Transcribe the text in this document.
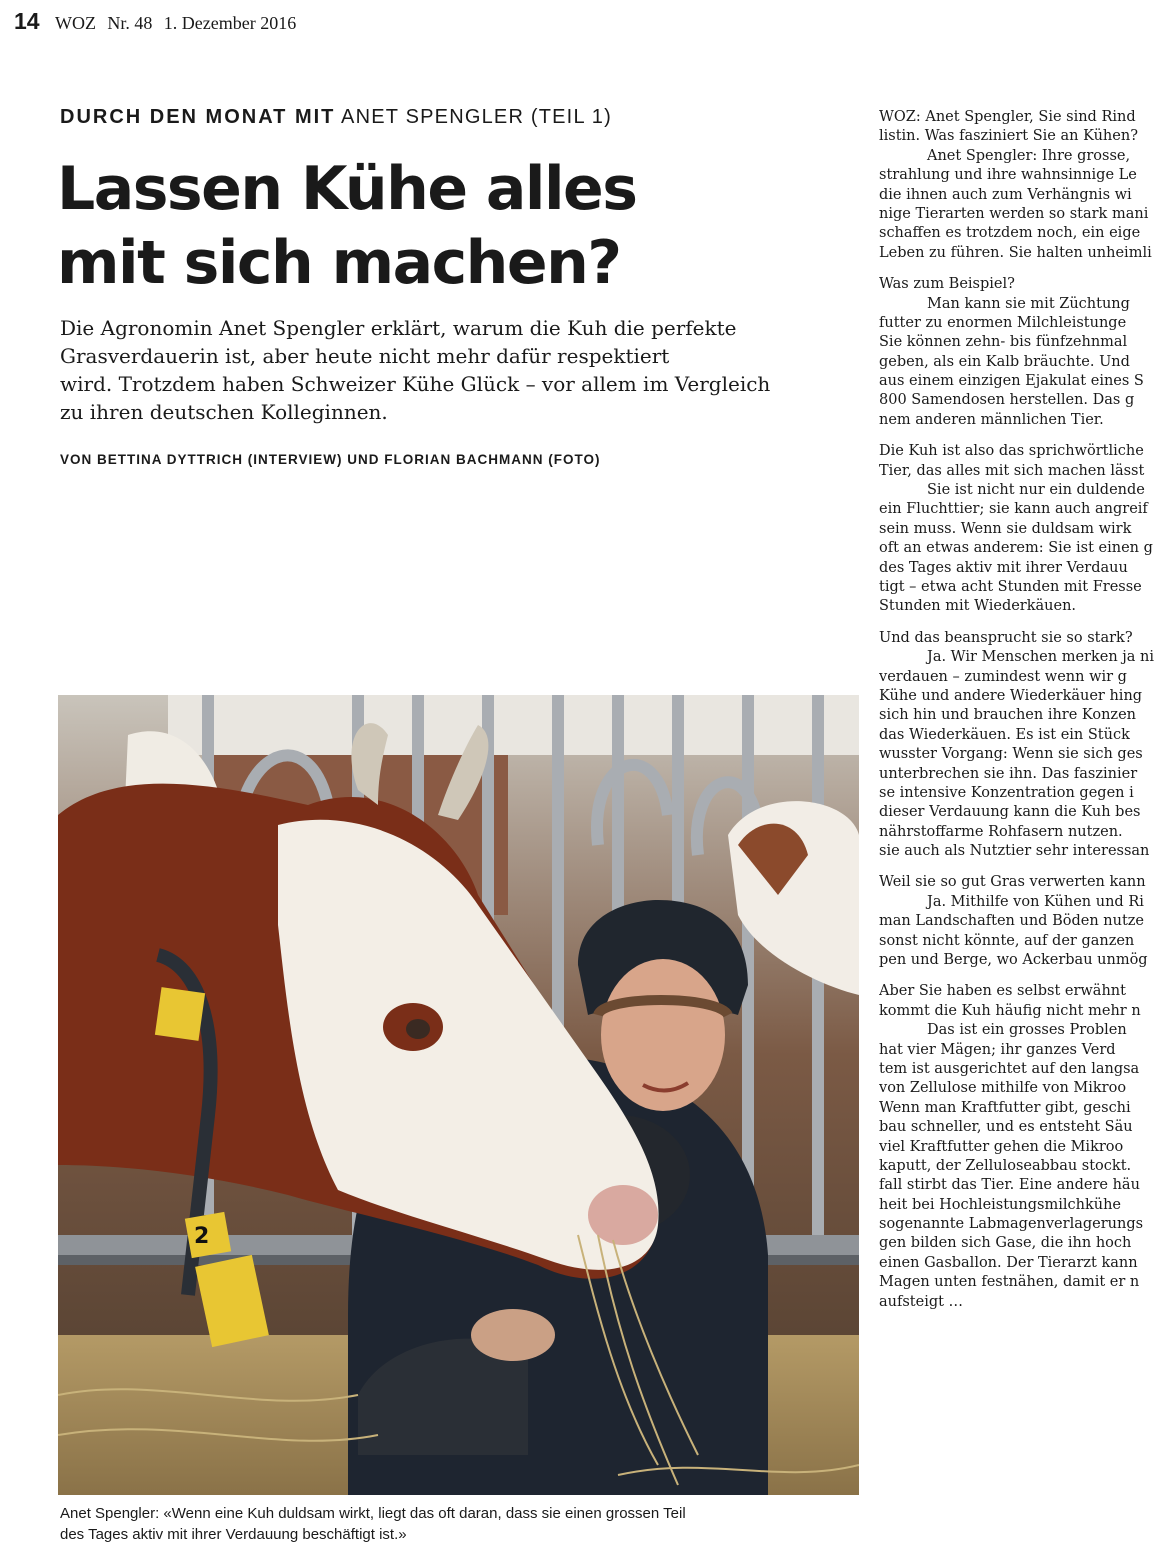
14 WOZ Nr. 48 1. Dezember 2016
DURCH DEN MONAT MIT ANET SPENGLER (TEIL 1)
Lassen Kühe alles
mit sich machen?
Die Agronomin Anet Spengler erklärt, warum die Kuh die perfekte
Grasverdauerin ist, aber heute nicht mehr dafür respektiert
wird. Trotzdem haben Schweizer Kühe Glück – vor allem im Vergleich
zu ihren deutschen Kolleginnen.
VON BETTINA DYTTRICH (INTERVIEW) UND FLORIAN BACHMANN (FOTO)
2
Anet Spengler: «Wenn eine Kuh duldsam wirkt, liegt das oft daran, dass sie einen grossen Teil
des Tages aktiv mit ihrer Verdauung beschäftigt ist.»
WOZ: Anet Spengler, Sie sind Rind
listin. Was fasziniert Sie an Kühen?
Anet Spengler: Ihre grosse,
strahlung und ihre wahnsinnige Le
die ihnen auch zum Verhängnis wi
nige Tierarten werden so stark mani
schaffen es trotzdem noch, ein eige
Leben zu führen. Sie halten unheimli
Was zum Beispiel?
Man kann sie mit Züchtung
futter zu enormen Milchleistunge
Sie können zehn- bis fünfzehnmal
geben, als ein Kalb bräuchte. Und
aus einem einzigen Ejakulat eines S
800 Samendosen herstellen. Das g
nem anderen männlichen Tier.
Die Kuh ist also das sprichwörtliche
Tier, das alles mit sich machen lässt
Sie ist nicht nur ein duldende
ein Fluchttier; sie kann auch angreif
sein muss. Wenn sie duldsam wirk
oft an etwas anderem: Sie ist einen g
des Tages aktiv mit ihrer Verdauu
tigt – etwa acht Stunden mit Fresse
Stunden mit Wiederkäuen.
Und das beansprucht sie so stark?
Ja. Wir Menschen merken ja ni
verdauen – zumindest wenn wir g
Kühe und andere Wiederkäuer hing
sich hin und brauchen ihre Konzen
das Wiederkäuen. Es ist ein Stück
wusster Vorgang: Wenn sie sich ges
unterbrechen sie ihn. Das faszinier
se intensive Konzentration gegen i
dieser Verdauung kann die Kuh bes
nährstoffarme Rohfasern nutzen.
sie auch als Nutztier sehr interessan
Weil sie so gut Gras verwerten kann
Ja. Mithilfe von Kühen und Ri
man Landschaften und Böden nutze
sonst nicht könnte, auf der ganzen
pen und Berge, wo Ackerbau unmög
Aber Sie haben es selbst erwähnt
kommt die Kuh häufig nicht mehr n
Das ist ein grosses Problen
hat vier Mägen; ihr ganzes Verd
tem ist ausgerichtet auf den langsa
von Zellulose mithilfe von Mikroo
Wenn man Kraftfutter gibt, geschi
bau schneller, und es entsteht Säu
viel Kraftfutter gehen die Mikroo
kaputt, der Zelluloseabbau stockt.
fall stirbt das Tier. Eine andere häu
heit bei Hochleistungsmilchkühe
sogenannte Labmagenverlagerungs
gen bilden sich Gase, die ihn hoch
einen Gasballon. Der Tierarzt kann
Magen unten festnähen, damit er n
aufsteigt …
